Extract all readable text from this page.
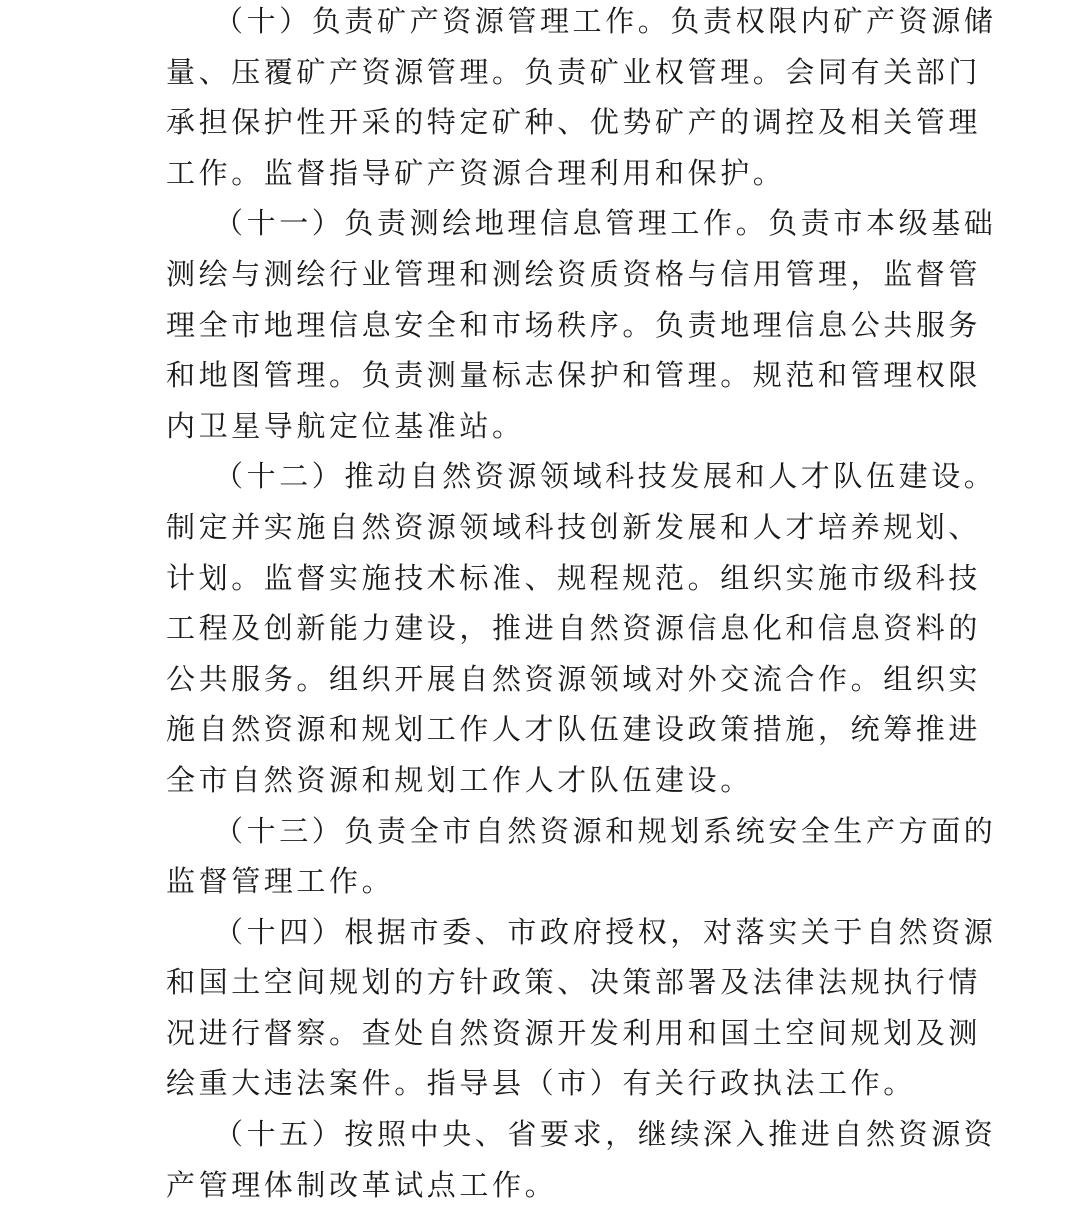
（十）负责矿产资源管理工作。负责权限内矿产资源储
量、压覆矿产资源管理。负责矿业权管理。会同有关部门
承担保护性开采的特定矿种、优势矿产的调控及相关管理
工作。监督指导矿产资源合理利用和保护。
（十一）负责测绘地理信息管理工作。负责市本级基础
测绘与测绘行业管理和测绘资质资格与信用管理，监督管
理全市地理信息安全和市场秩序。负责地理信息公共服务
和地图管理。负责测量标志保护和管理。规范和管理权限
内卫星导航定位基准站。
（十二）推动自然资源领域科技发展和人才队伍建设。
制定并实施自然资源领域科技创新发展和人才培养规划、
计划。监督实施技术标准、规程规范。组织实施市级科技
工程及创新能力建设，推进自然资源信息化和信息资料的
公共服务。组织开展自然资源领域对外交流合作。组织实
施自然资源和规划工作人才队伍建设政策措施，统筹推进
全市自然资源和规划工作人才队伍建设。
（十三）负责全市自然资源和规划系统安全生产方面的
监督管理工作。
（十四）根据市委、市政府授权，对落实关于自然资源
和国土空间规划的方针政策、决策部署及法律法规执行情
况进行督察。查处自然资源开发利用和国土空间规划及测
绘重大违法案件。指导县（市）有关行政执法工作。
（十五）按照中央、省要求，继续深入推进自然资源资
产管理体制改革试点工作。
